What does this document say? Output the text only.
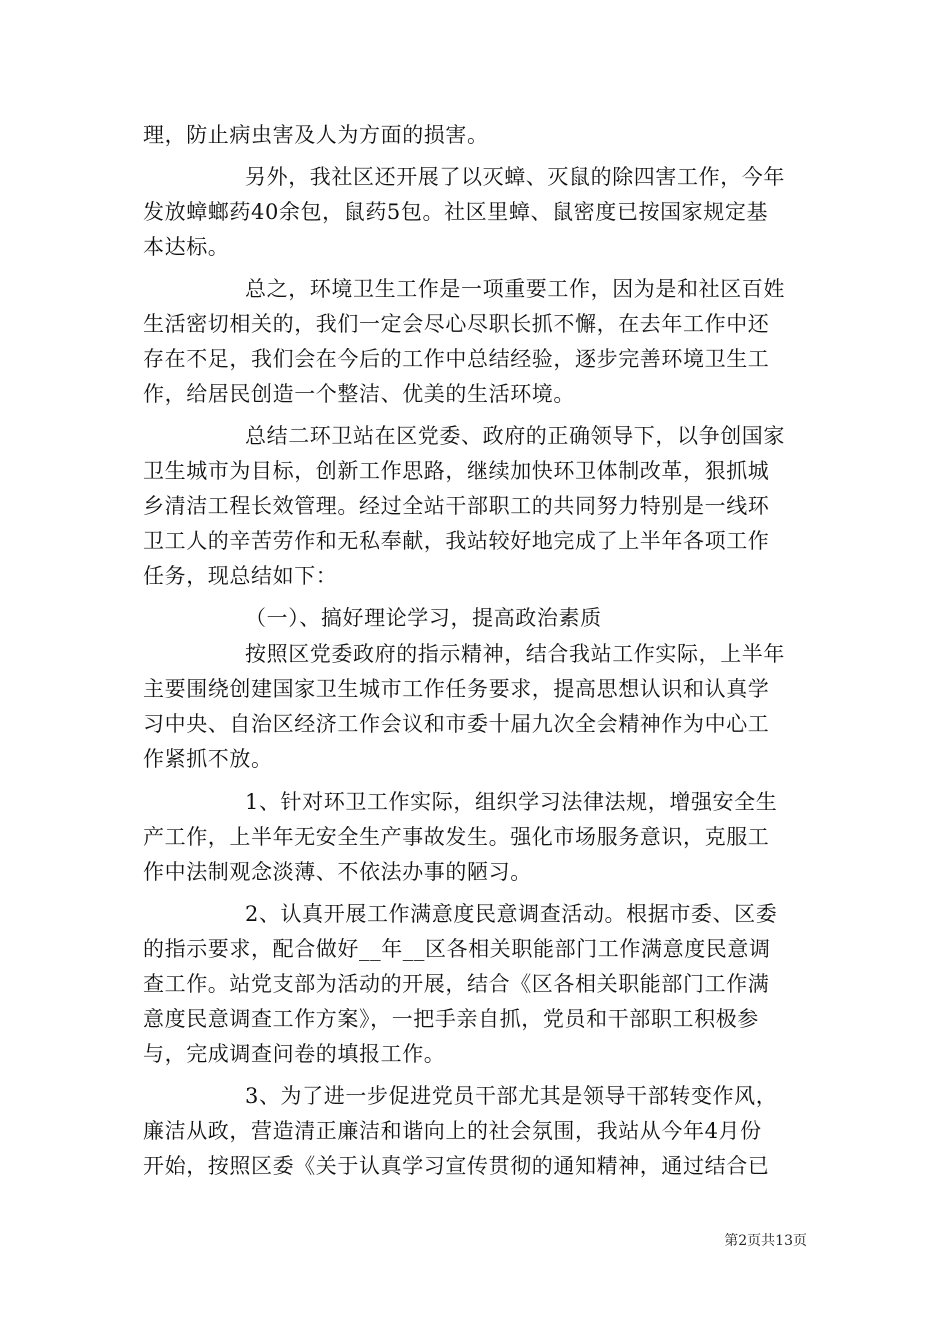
理，防止病虫害及人为方面的损害。
另外，我社区还开展了以灭蟑、灭鼠的除四害工作，今年
发放蟑螂药40余包，鼠药5包。社区里蟑、鼠密度已按国家规定基
本达标。
总之，环境卫生工作是一项重要工作，因为是和社区百姓
生活密切相关的，我们一定会尽心尽职长抓不懈，在去年工作中还
存在不足，我们会在今后的工作中总结经验，逐步完善环境卫生工
作，给居民创造一个整洁、优美的生活环境。
总结二环卫站在区党委、政府的正确领导下，以争创国家
卫生城市为目标，创新工作思路，继续加快环卫体制改革，狠抓城
乡清洁工程长效管理。经过全站干部职工的共同努力特别是一线环
卫工人的辛苦劳作和无私奉献，我站较好地完成了上半年各项工作
任务，现总结如下：
（一）、搞好理论学习，提高政治素质
按照区党委政府的指示精神，结合我站工作实际，上半年
主要围绕创建国家卫生城市工作任务要求，提高思想认识和认真学
习中央、自治区经济工作会议和市委十届九次全会精神作为中心工
作紧抓不放。
1、针对环卫工作实际，组织学习法律法规，增强安全生
产工作，上半年无安全生产事故发生。强化市场服务意识，克服工
作中法制观念淡薄、不依法办事的陋习。
2、认真开展工作满意度民意调查活动。根据市委、区委
的指示要求，配合做好__年__区各相关职能部门工作满意度民意调
查工作。站党支部为活动的开展，结合《区各相关职能部门工作满
意度民意调查工作方案》，一把手亲自抓，党员和干部职工积极参
与，完成调查问卷的填报工作。
3、为了进一步促进党员干部尤其是领导干部转变作风，
廉洁从政，营造清正廉洁和谐向上的社会氛围，我站从今年4月份
开始，按照区委《关于认真学习宣传贯彻的通知精神，通过结合已
第2页共13页
